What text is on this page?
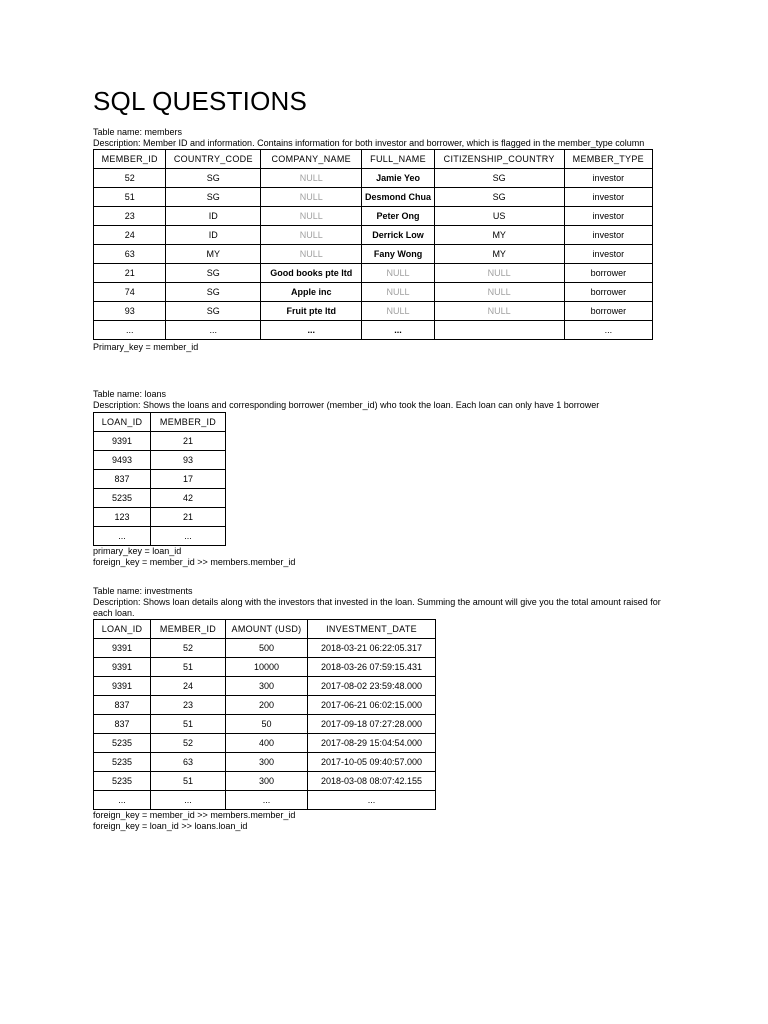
SQL QUESTIONS

Table name: members

Description: Member ID and information. Contains information for both investor and borrower, which is flagged in the member_type column

MEMBER_ID	COUNTRY_CODE	COMPANY_NAME	FULL_NAME	CITIZENSHIP_COUNTRY	MEMBER_TYPE
52	SG	NULL	Jamie Yeo	SG	investor
51	SG	NULL	Desmond Chua	SG	investor
23	ID	NULL	Peter Ong	US	investor
24	ID	NULL	Derrick Low	MY	investor
63	MY	NULL	Fany Wong	MY	investor
21	SG	Good books pte ltd	NULL	NULL	borrower
74	SG	Apple inc	NULL	NULL	borrower
93	SG	Fruit pte ltd	NULL	NULL	borrower
...	...	...	...		...

Primary_key = member_id

Table name: loans

Description: Shows the loans and corresponding borrower (member_id) who took the loan. Each loan can only have 1 borrower

LOAN_ID	MEMBER_ID
9391	21
9493	93
837	17
5235	42
123	21
...	...

primary_key = loan_id

foreign_key = member_id >> members.member_id

Table name: investments

Description: Shows loan details along with the investors that invested in the loan. Summing the amount will give you the total amount raised for each loan.

LOAN_ID	MEMBER_ID	AMOUNT (USD)	INVESTMENT_DATE
9391	52	500	2018-03-21 06:22:05.317
9391	51	10000	2018-03-26 07:59:15.431
9391	24	300	2017-08-02 23:59:48.000
837	23	200	2017-06-21 06:02:15.000
837	51	50	2017-09-18 07:27:28.000
5235	52	400	2017-08-29 15:04:54.000
5235	63	300	2017-10-05 09:40:57.000
5235	51	300	2018-03-08 08:07:42.155
...	...	...	...

foreign_key = member_id >> members.member_id

foreign_key = loan_id >> loans.loan_id
